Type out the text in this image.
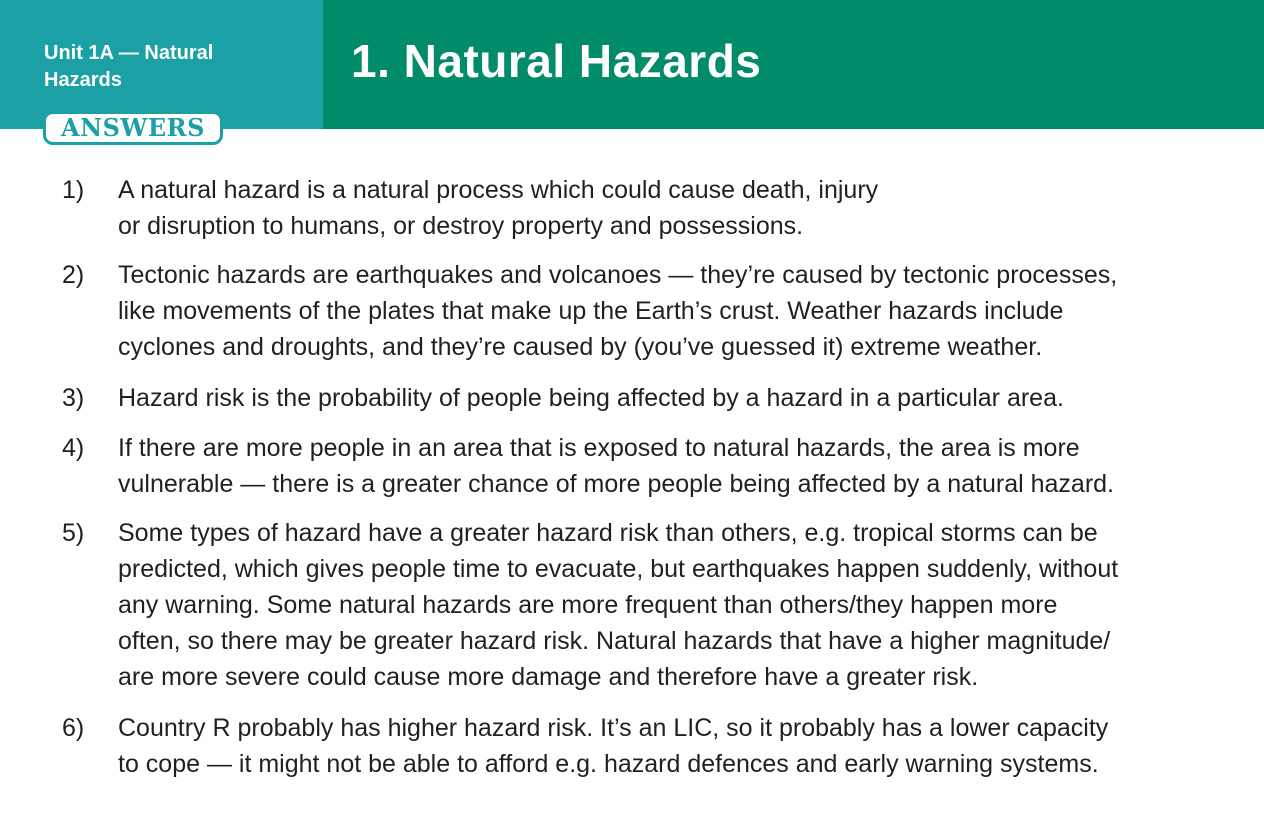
Unit 1A — Natural Hazards	1. Natural Hazards
ANSWERS
1) A natural hazard is a natural process which could cause death, injury
or disruption to humans, or destroy property and possessions.
2) Tectonic hazards are earthquakes and volcanoes — they’re caused by tectonic processes,
like movements of the plates that make up the Earth’s crust. Weather hazards include
cyclones and droughts, and they’re caused by (you’ve guessed it) extreme weather.
3) Hazard risk is the probability of people being affected by a hazard in a particular area.
4) If there are more people in an area that is exposed to natural hazards, the area is more
vulnerable — there is a greater chance of more people being affected by a natural hazard.
5) Some types of hazard have a greater hazard risk than others, e.g. tropical storms can be
predicted, which gives people time to evacuate, but earthquakes happen suddenly, without
any warning. Some natural hazards are more frequent than others/they happen more
often, so there may be greater hazard risk. Natural hazards that have a higher magnitude/
are more severe could cause more damage and therefore have a greater risk.
6) Country R probably has higher hazard risk. It’s an LIC, so it probably has a lower capacity
to cope — it might not be able to afford e.g. hazard defences and early warning systems.
